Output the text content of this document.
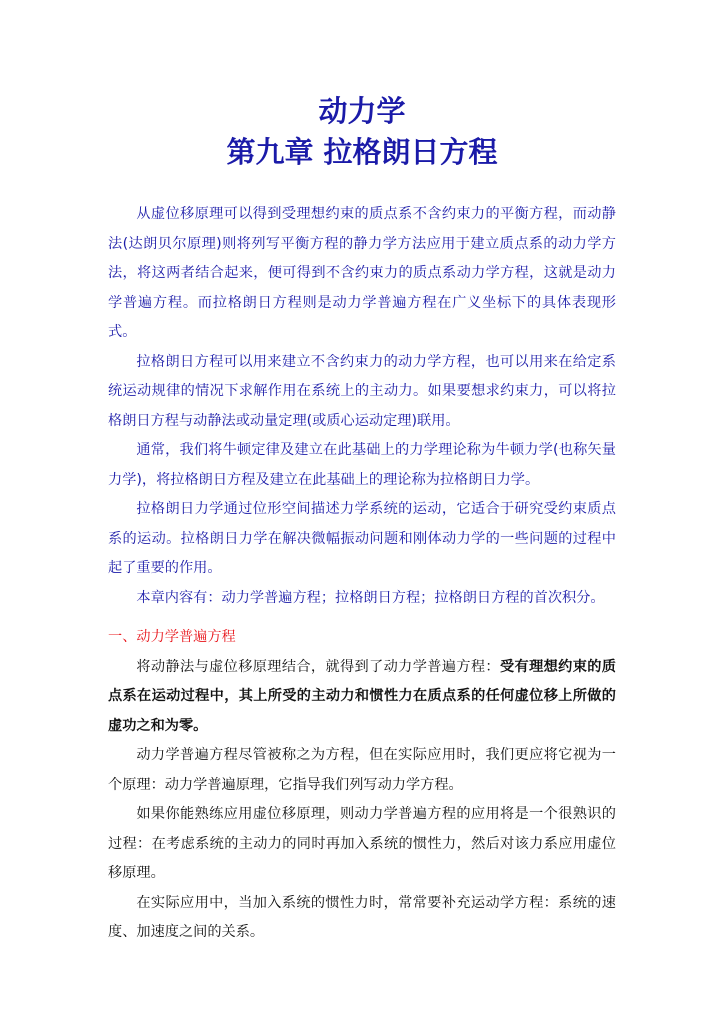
动力学
第九章 拉格朗日方程

从虚位移原理可以得到受理想约束的质点系不含约束力的平衡方程，而动静法(达朗贝尔原理)则将列写平衡方程的静力学方法应用于建立质点系的动力学方法，将这两者结合起来，便可得到不含约束力的质点系动力学方程，这就是动力学普遍方程。而拉格朗日方程则是动力学普遍方程在广义坐标下的具体表现形式。

拉格朗日方程可以用来建立不含约束力的动力学方程，也可以用来在给定系统运动规律的情况下求解作用在系统上的主动力。如果要想求约束力，可以将拉格朗日方程与动静法或动量定理(或质心运动定理)联用。

通常，我们将牛顿定律及建立在此基础上的力学理论称为牛顿力学(也称矢量力学)，将拉格朗日方程及建立在此基础上的理论称为拉格朗日力学。

拉格朗日力学通过位形空间描述力学系统的运动，它适合于研究受约束质点系的运动。拉格朗日力学在解决微幅振动问题和刚体动力学的一些问题的过程中起了重要的作用。

本章内容有：动力学普遍方程；拉格朗日方程；拉格朗日方程的首次积分。

一、动力学普遍方程

将动静法与虚位移原理结合，就得到了动力学普遍方程：受有理想约束的质点系在运动过程中，其上所受的主动力和惯性力在质点系的任何虚位移上所做的虚功之和为零。

动力学普遍方程尽管被称之为方程，但在实际应用时，我们更应将它视为一个原理：动力学普遍原理，它指导我们列写动力学方程。

如果你能熟练应用虚位移原理，则动力学普遍方程的应用将是一个很熟识的过程：在考虑系统的主动力的同时再加入系统的惯性力，然后对该力系应用虚位移原理。

在实际应用中，当加入系统的惯性力时，常常要补充运动学方程：系统的速度、加速度之间的关系。
